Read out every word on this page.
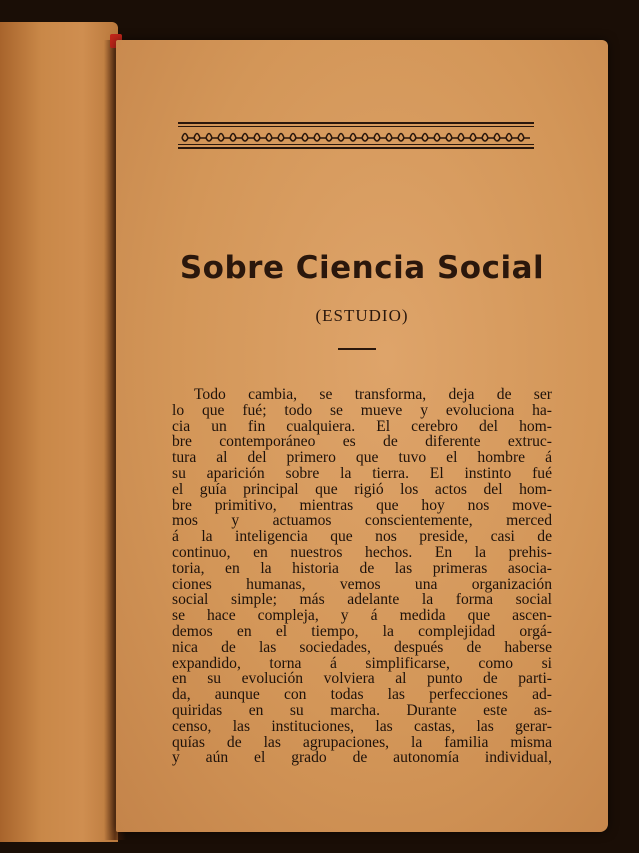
Sobre Ciencia Social
(ESTUDIO)
Todo cambia, se transforma, deja de ser
lo que fué; todo se mueve y evoluciona ha-
cia un fin cualquiera. El cerebro del hom-
bre contemporáneo es de diferente extruc-
tura al del primero que tuvo el hombre á
su aparición sobre la tierra. El instinto fué
el guía principal que rigió los actos del hom-
bre primitivo, mientras que hoy nos move-
mos y actuamos conscientemente, merced
á la inteligencia que nos preside, casi de
continuo, en nuestros hechos. En la prehis-
toria, en la historia de las primeras asocia-
ciones humanas, vemos una organización
social simple; más adelante la forma social
se hace compleja, y á medida que ascen-
demos en el tiempo, la complejidad orgá-
nica de las sociedades, después de haberse
expandido, torna á simplificarse, como si
en su evolución volviera al punto de parti-
da, aunque con todas las perfecciones ad-
quiridas en su marcha. Durante este as-
censo, las instituciones, las castas, las gerar-
quías de las agrupaciones, la familia misma
y aún el grado de autonomía individual,
